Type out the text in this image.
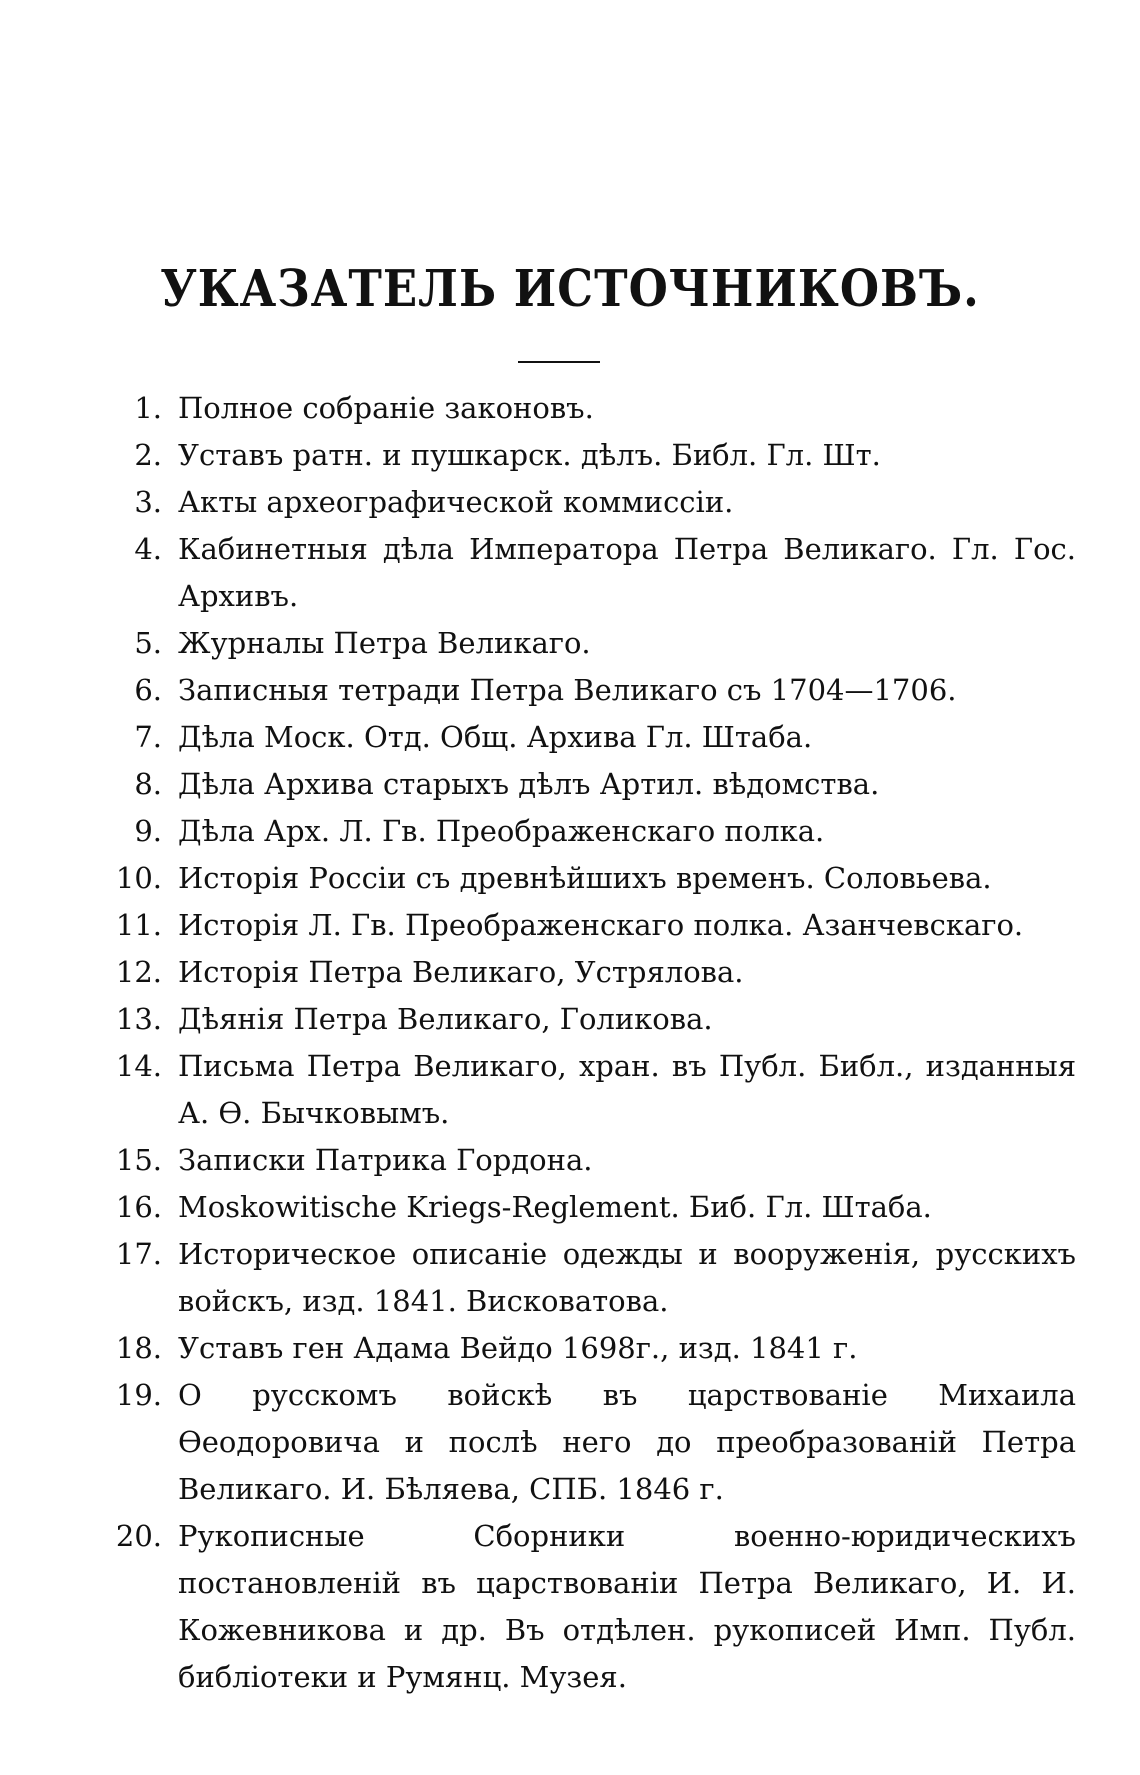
УКАЗАТЕЛЬ ИСТОЧНИКОВЪ.
1. Полное собраніе законовъ.
2. Уставъ ратн. и пушкарск. дѣлъ. Библ. Гл. Шт.
3. Акты археографической коммиссіи.
4. Кабинетныя дѣла Императора Петра Великаго. Гл. Гос. Архивъ.
5. Журналы Петра Великаго.
6. Записныя тетради Петра Великаго съ 1704—1706.
7. Дѣла Моск. Отд. Общ. Архива Гл. Штаба.
8. Дѣла Архива старыхъ дѣлъ Артил. вѣдомства.
9. Дѣла Арх. Л. Гв. Преображенскаго полка.
10. Исторія Россіи съ древнѣйшихъ временъ. Соловьева.
11. Исторія Л. Гв. Преображенскаго полка. Азанчевскаго.
12. Исторія Петра Великаго, Устрялова.
13. Дѣянія Петра Великаго, Голикова.
14. Письма Петра Великаго, хран. въ Публ. Библ., изданныя А. Ѳ. Бычковымъ.
15. Записки Патрика Гордона.
16. Moskowitische Kriegs-Reglement. Биб. Гл. Штаба.
17. Историческое описаніе одежды и вооруженія, русскихъ войскъ, изд. 1841. Висковатова.
18. Уставъ ген Адама Вейдо 1698г., изд. 1841 г.
19. О русскомъ войскѣ въ царствованіе Михаила Ѳеодоровича и послѣ него до преобразованій Петра Великаго. И. Бѣляева, СПБ. 1846 г.
20. Рукописные Сборники военно-юридическихъ постановленій въ царствованіи Петра Великаго, И. И. Кожевникова и др. Въ отдѣлен. рукописей Имп. Публ. библіотеки и Румянц. Музея.
